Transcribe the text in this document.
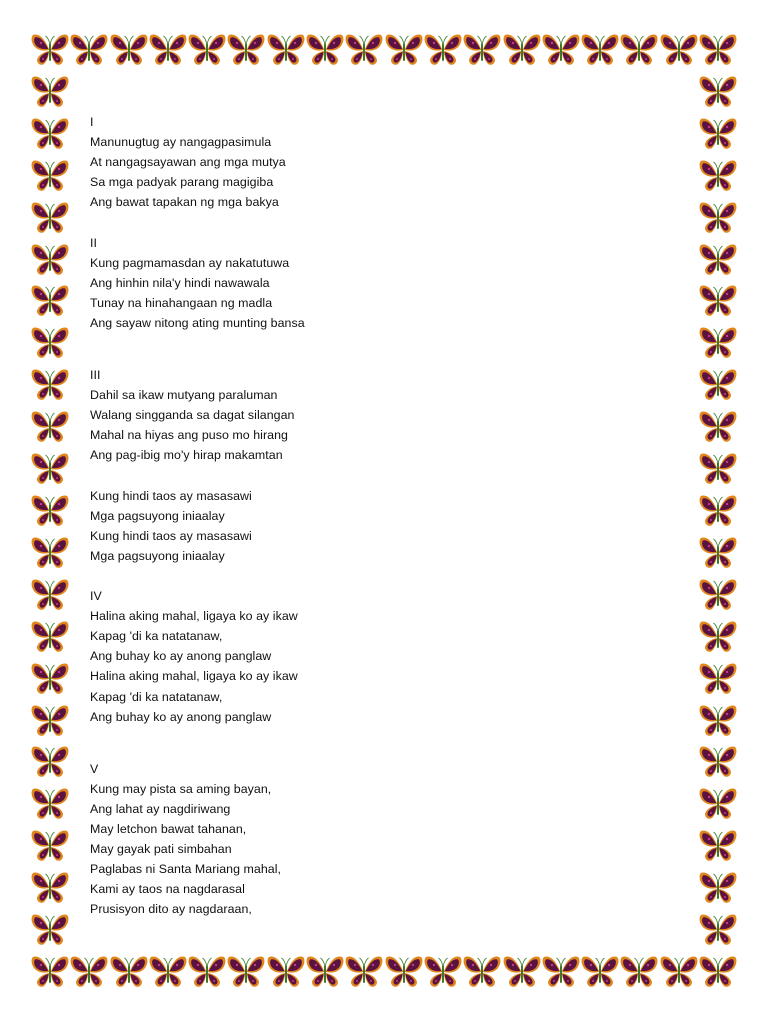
I
Manunugtug ay nangagpasimula
At nangagsayawan ang mga mutya
Sa mga padyak parang magigiba
Ang bawat tapakan ng mga bakya
II
Kung pagmamasdan ay nakatutuwa
Ang hinhin nila'y hindi nawawala
Tunay na hinahangaan ng madla
Ang sayaw nitong ating munting bansa
III
Dahil sa ikaw mutyang paraluman
Walang singganda sa dagat silangan
Mahal na hiyas ang puso mo hirang
Ang pag-ibig mo'y hirap makamtan
Kung hindi taos ay masasawi
Mga pagsuyong iniaalay
Kung hindi taos ay masasawi
Mga pagsuyong iniaalay
IV
Halina aking mahal, ligaya ko ay ikaw
Kapag 'di ka natatanaw,
Ang buhay ko ay anong panglaw
Halina aking mahal, ligaya ko ay ikaw
Kapag 'di ka natatanaw,
Ang buhay ko ay anong panglaw
V
Kung may pista sa aming bayan,
Ang lahat ay nagdiriwang
May letchon bawat tahanan,
May gayak pati simbahan
Paglabas ni Santa Mariang mahal,
Kami ay taos na nagdarasal
Prusisyon dito ay nagdaraan,
